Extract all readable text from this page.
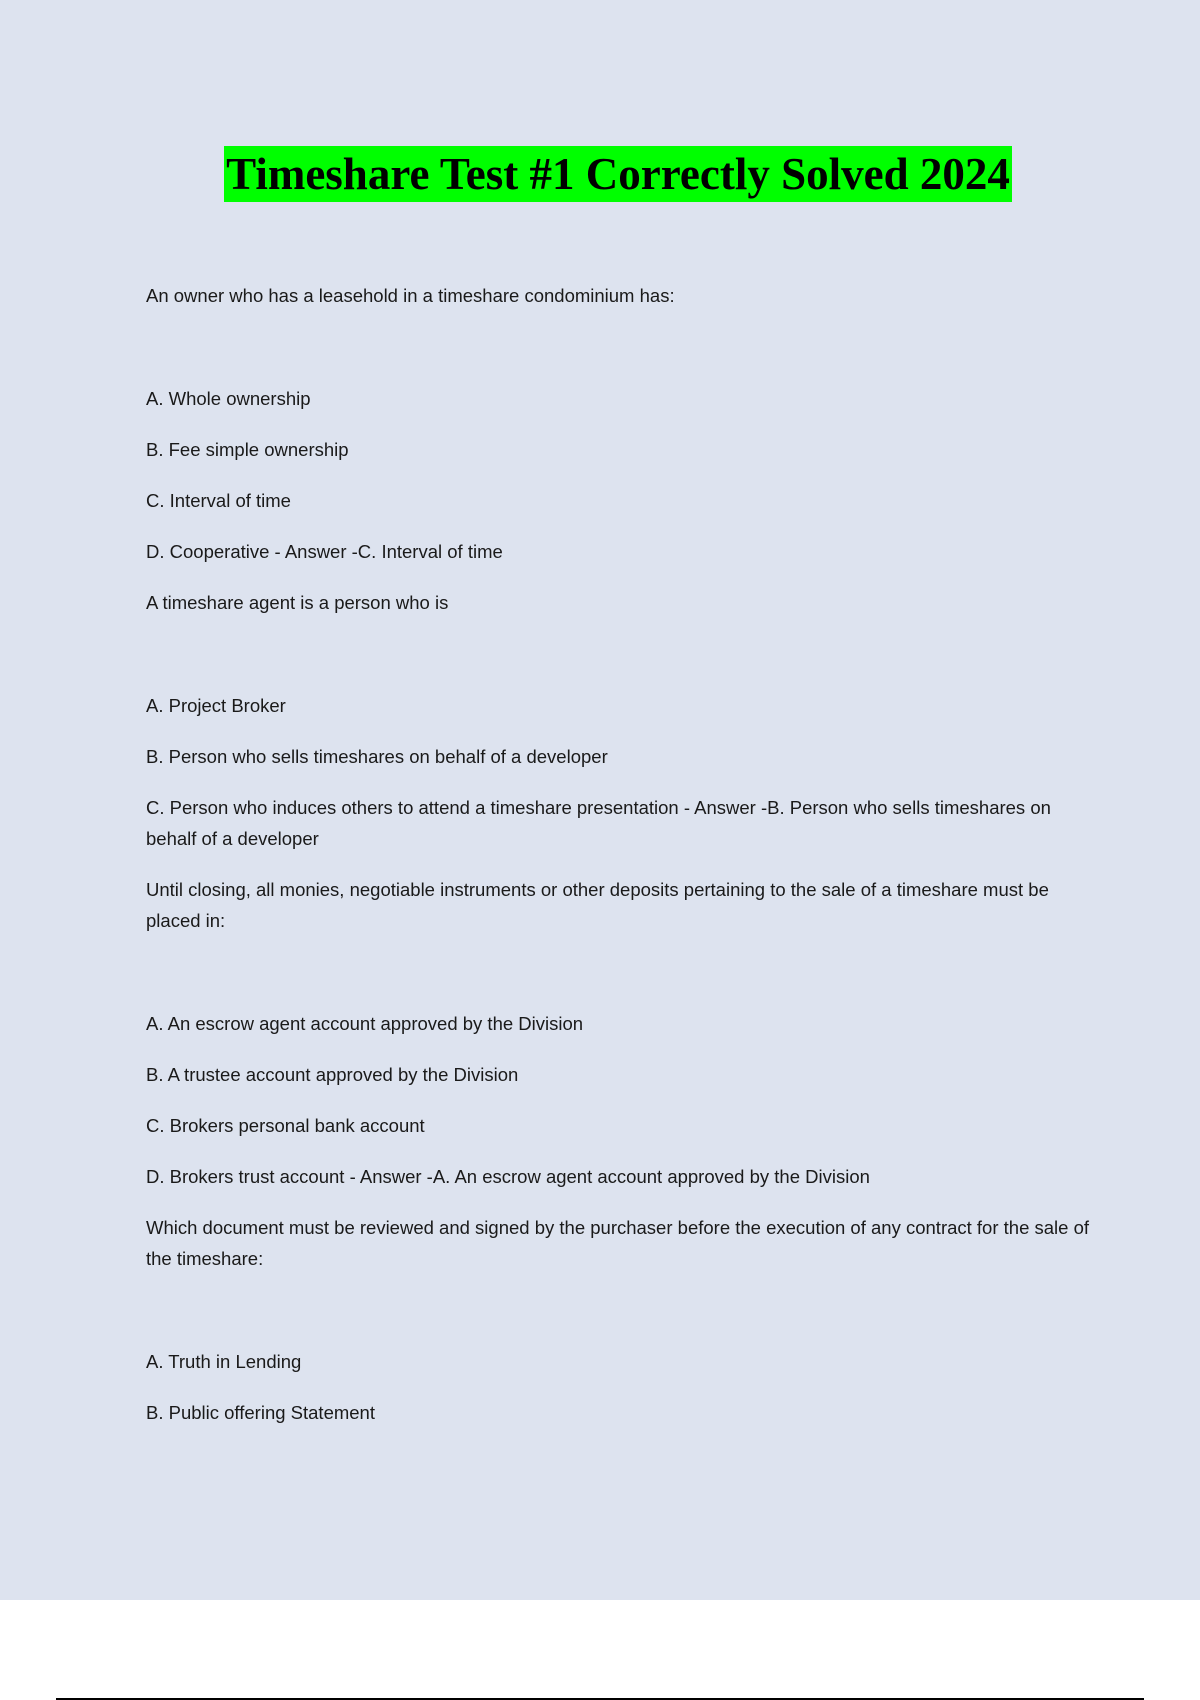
Timeshare Test #1 Correctly Solved 2024

An owner who has a leasehold in a timeshare condominium has:

A. Whole ownership

B. Fee simple ownership

C. Interval of time

D. Cooperative - Answer -C. Interval of time

A timeshare agent is a person who is

A. Project Broker

B. Person who sells timeshares on behalf of a developer

C. Person who induces others to attend a timeshare presentation - Answer -B. Person who sells timeshares on behalf of a developer

Until closing, all monies, negotiable instruments or other deposits pertaining to the sale of a timeshare must be placed in:

A. An escrow agent account approved by the Division

B. A trustee account approved by the Division

C. Brokers personal bank account

D. Brokers trust account - Answer -A. An escrow agent account approved by the Division

Which document must be reviewed and signed by the purchaser before the execution of any contract for the sale of the timeshare:

A. Truth in Lending

B. Public offering Statement
